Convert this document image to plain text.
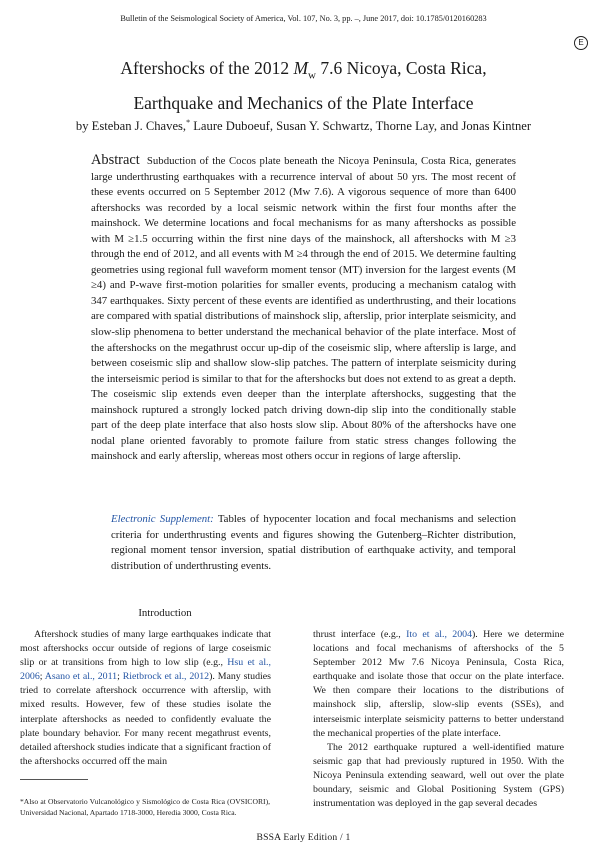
Bulletin of the Seismological Society of America, Vol. 107, No. 3, pp. –, June 2017, doi: 10.1785/0120160283
E
Aftershocks of the 2012 $M_w$ 7.6 Nicoya, Costa Rica,
Earthquake and Mechanics of the Plate Interface
by Esteban J. Chaves,* Laure Duboeuf, Susan Y. Schwartz, Thorne Lay, and Jonas Kintner
Abstract Subduction of the Cocos plate beneath the Nicoya Peninsula, Costa Rica, generates large underthrusting earthquakes with a recurrence interval of about 50 yrs. The most recent of these events occurred on 5 September 2012 (Mw 7.6). A vigorous sequence of more than 6400 aftershocks was recorded by a local seismic network within the first four months after the mainshock. We determine locations and focal mechanisms for as many aftershocks as possible with M ≥1.5 occurring within the first nine days of the mainshock, all aftershocks with M ≥3 through the end of 2012, and all events with M ≥4 through the end of 2015. We determine faulting geometries using regional full waveform moment tensor (MT) inversion for the largest events (M ≥4) and P-wave first-motion polarities for smaller events, producing a mechanism catalog with 347 earthquakes. Sixty percent of these events are identified as underthrusting, and their locations are compared with spatial distributions of mainshock slip, afterslip, prior interplate seismicity, and slow-slip phenomena to better understand the mechanical behavior of the plate interface. Most of the aftershocks on the megathrust occur up-dip of the coseismic slip, where afterslip is large, and between coseismic slip and shallow slow-slip patches. The pattern of interplate seismicity during the interseismic period is similar to that for the aftershocks but does not extend to as great a depth. The coseismic slip extends even deeper than the interplate aftershocks, suggesting that the mainshock ruptured a strongly locked patch driving down-dip slip into the conditionally stable part of the deep plate interface that also hosts slow slip. About 80% of the aftershocks have one nodal plane oriented favorably to promote failure from static stress changes following the mainshock and early afterslip, whereas most others occur in regions of large afterslip.
Electronic Supplement: Tables of hypocenter location and focal mechanisms and selection criteria for underthrusting events and figures showing the Gutenberg–Richter distribution, regional moment tensor inversion, spatial distribution of earthquake activity, and temporal distribution of underthrusting events.
Introduction

Aftershock studies of many large earthquakes indicate that most aftershocks occur outside of regions of large coseismic slip or at transitions from high to low slip (e.g., Hsu et al., 2006; Asano et al., 2011; Rietbrock et al., 2012). Many studies tried to correlate aftershock occurrence with afterslip, with mixed results. However, few of these studies isolate the interplate aftershocks as needed to confidently evaluate the plate boundary behavior. For many recent megathrust events, detailed aftershock studies indicate that a significant fraction of the aftershocks occurred off the main

thrust interface (e.g., Ito et al., 2004). Here we determine locations and focal mechanisms of aftershocks of the 5 September 2012 Mw 7.6 Nicoya Peninsula, Costa Rica, earthquake and isolate those that occur on the plate interface. We then compare their locations to the distributions of mainshock slip, afterslip, slow-slip events (SSEs), and interseismic interplate seismicity patterns to better understand the mechanical properties of the plate interface.

The 2012 earthquake ruptured a well-identified mature seismic gap that had previously ruptured in 1950. With the Nicoya Peninsula extending seaward, well out over the plate boundary, seismic and Global Positioning System (GPS) instrumentation was deployed in the gap several decades

*Also at Observatorio Vulcanológico y Sismológico de Costa Rica (OVSICORI), Universidad Nacional, Apartado 1718-3000, Heredia 3000, Costa Rica.
BSSA Early Edition / 1
